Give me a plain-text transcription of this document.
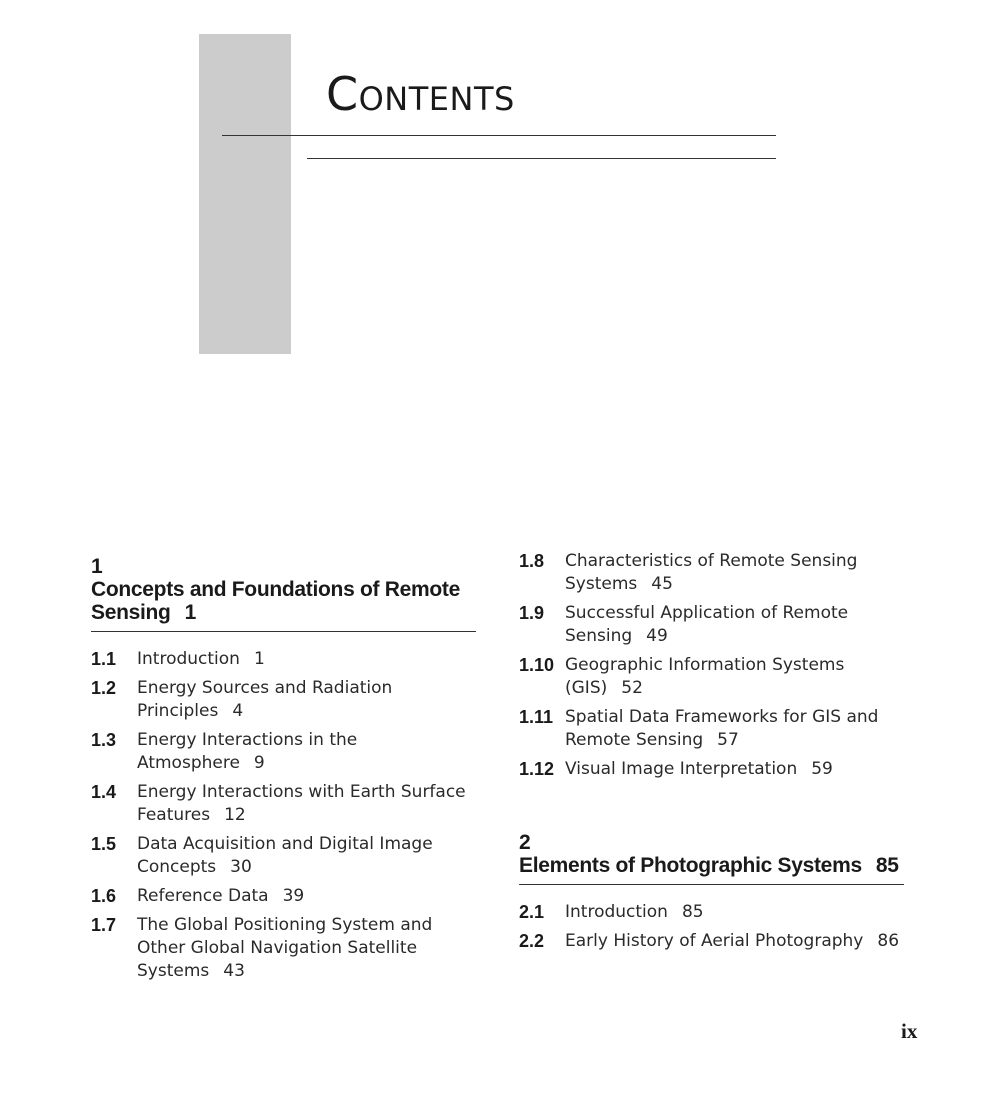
Contents
1
Concepts and Foundations of Remote Sensing 1
1.1	Introduction 1
1.2	Energy Sources and Radiation Principles 4
1.3	Energy Interactions in the Atmosphere 9
1.4	Energy Interactions with Earth Surface Features 12
1.5	Data Acquisition and Digital Image Concepts 30
1.6	Reference Data 39
1.7	The Global Positioning System and Other Global Navigation Satellite Systems 43
1.8	Characteristics of Remote Sensing Systems 45
1.9	Successful Application of Remote Sensing 49
1.10 Geographic Information Systems (GIS) 52
1.11 Spatial Data Frameworks for GIS and Remote Sensing 57
1.12 Visual Image Interpretation 59
2
Elements of Photographic Systems 85
2.1	Introduction 85
2.2	Early History of Aerial Photography 86
ix
